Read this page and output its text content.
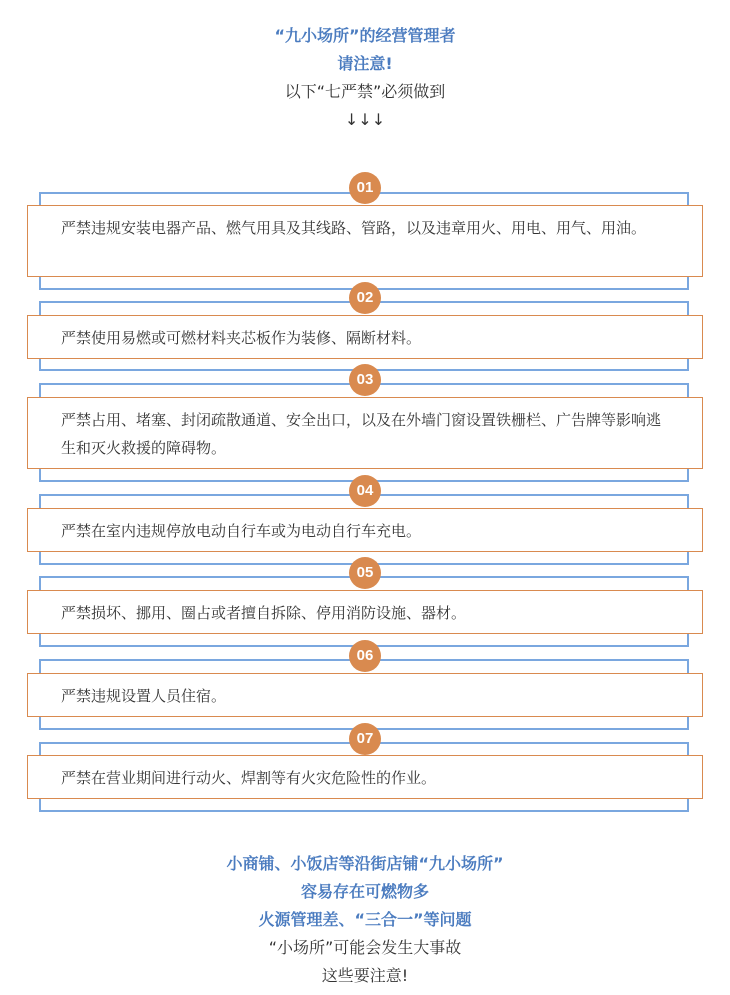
“九小场所”的经营管理者
请注意!
以下“七严禁”必须做到
↓↓↓
严禁违规安装电器产品、燃气用具及其线路、管路，以及违章用火、用电、用气、用油。
01
严禁使用易燃或可燃材料夹芯板作为装修、隔断材料。
02
严禁占用、堵塞、封闭疏散通道、安全出口，以及在外墙门窗设置铁栅栏、广告牌等影响逃生和灭火救援的障碍物。
03
严禁在室内违规停放电动自行车或为电动自行车充电。
04
严禁损坏、挪用、圈占或者擅自拆除、停用消防设施、器材。
05
严禁违规设置人员住宿。
06
严禁在营业期间进行动火、焊割等有火灾危险性的作业。
07
小商铺、小饭店等沿街店铺“九小场所”
容易存在可燃物多
火源管理差、“三合一”等问题
“小场所”可能会发生大事故
这些要注意!
